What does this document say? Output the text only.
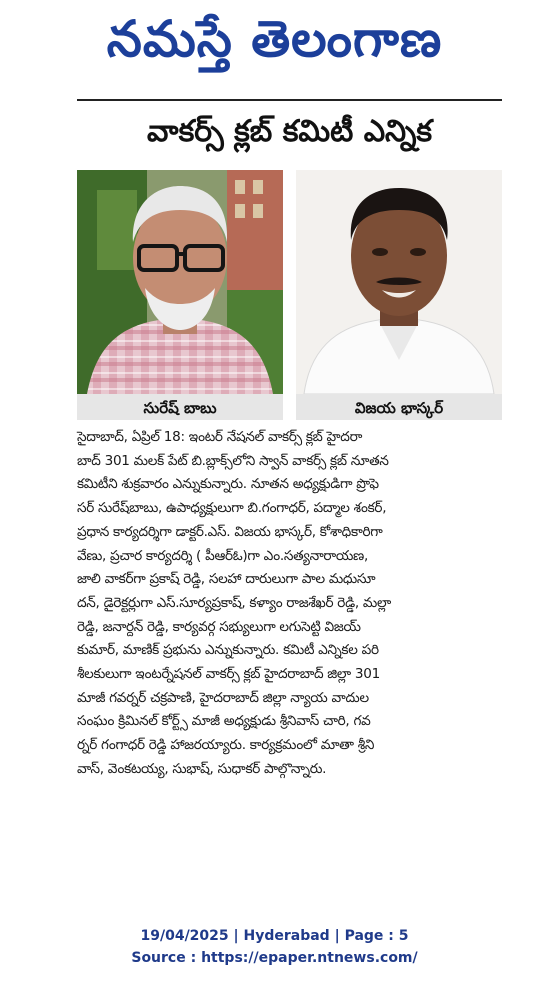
నమస్తే తెలంగాణ
వాకర్స్ క్లబ్ కమిటీ ఎన్నిక
సురేష్ బాబు	విజయ భాస్కర్
సైదాబాద్, ఏప్రిల్ 18: ఇంటర్ నేషనల్ వాకర్స్ క్లబ్ హైదరా
బాద్ 301 మలక్ పేట్ బి.బ్లాక్స్‌లోని స్వాన్ వాకర్స్ క్లబ్ నూతన
కమిటీని శుక్రవారం ఎన్నుకున్నారు. నూతన అధ్యక్షుడిగా ప్రొఫె
సర్ సురేష్‌బాబు, ఉపాధ్యక్షులుగా బి.గంగాధర్, పద్మాల శంకర్,
ప్రధాన కార్యదర్శిగా డాక్టర్.ఎస్. విజయ భాస్కర్, కోశాధికారిగా
వేణు, ప్రచార కార్యదర్శి ( పీఆర్ఓ)గా ఎం.సత్యనారాయణ,
జాలి వాకర్‌గా ప్రకాష్ రెడ్డి, సలహా దారులుగా పాల మధుసూ
దన్, డైరెక్టర్లుగా ఎస్.సూర్యప్రకాష్, కళ్యాం రాజశేఖర్ రెడ్డి, మల్లా
రెడ్డి, జనార్దన్ రెడ్డి, కార్యవర్గ సభ్యులుగా లగుసెట్టి విజయ్
కుమార్, మాణిక్ ప్రభును ఎన్నుకున్నారు. కమిటీ ఎన్నికల పరి
శీలకులుగా ఇంటర్నేషనల్ వాకర్స్ క్లబ్ హైదరాబాద్ జిల్లా 301
మాజీ గవర్నర్ చక్రపాణి, హైదరాబాద్ జిల్లా న్యాయ వాదుల
సంఘం క్రిమినల్ కోర్ట్స్ మాజీ అధ్యక్షుడు శ్రీనివాస్ చారి, గవ
ర్నర్ గంగాధర్ రెడ్డి హాజరయ్యారు. కార్యక్రమంలో మాతా శ్రీని
వాస్, వెంకటయ్య, సుభాష్, సుధాకర్ పాల్గొన్నారు.
19/04/2025 | Hyderabad | Page : 5
Source : https://epaper.ntnews.com/
